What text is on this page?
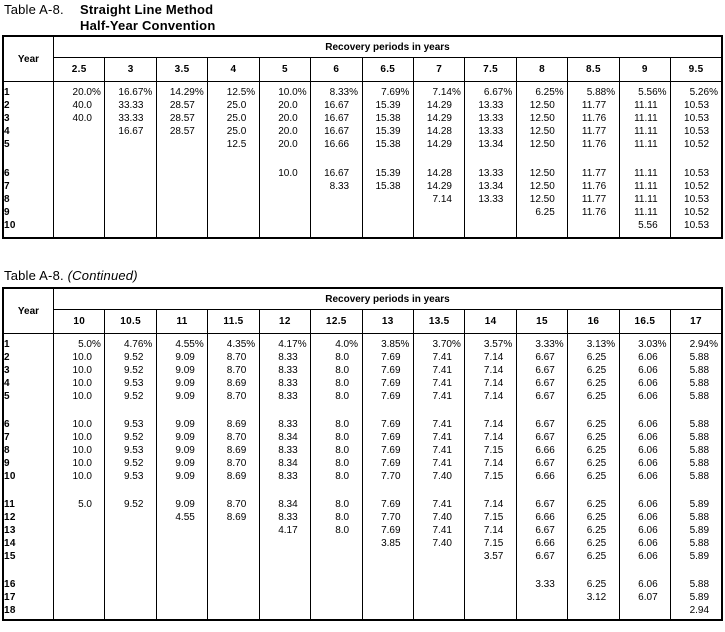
Table A-8. Straight Line Method
Half-Year Convention
Year	Recovery periods in years												
	2.5	3	3.5	4	5	6	6.5	7	7.5	8	8.5	9	9.5

1	20.0%	16.67%	14.29%	12.5%	10.0%	8.33%	7.69%	7.14%	6.67%	6.25%	5.88%	5.56%	5.26%
2	40.0	33.33	28.57	25.0	20.0	16.67	15.39	14.29	13.33	12.50	11.77	11.11	10.53
3	40.0	33.33	28.57	25.0	20.0	16.67	15.38	14.29	13.33	12.50	11.76	11.11	10.53
4		16.67	28.57	25.0	20.0	16.67	15.39	14.28	13.33	12.50	11.77	11.11	10.53
5				12.5	20.0	16.66	15.38	14.29	13.34	12.50	11.76	11.11	10.52

6					10.0	16.67	15.39	14.28	13.33	12.50	11.77	11.11	10.53
7						8.33	15.38	14.29	13.34	12.50	11.76	11.11	10.52
8								7.14	13.33	12.50	11.77	11.11	10.53
9										6.25	11.76	11.11	10.52
10												5.56	10.53

Table A-8. (Continued)
Year	Recovery periods in years												
	10	10.5	11	11.5	12	12.5	13	13.5	14	15	16	16.5	17

1	5.0%	4.76%	4.55%	4.35%	4.17%	4.0%	3.85%	3.70%	3.57%	3.33%	3.13%	3.03%	2.94%
2	10.0	9.52	9.09	8.70	8.33	8.0	7.69	7.41	7.14	6.67	6.25	6.06	5.88
3	10.0	9.52	9.09	8.70	8.33	8.0	7.69	7.41	7.14	6.67	6.25	6.06	5.88
4	10.0	9.53	9.09	8.69	8.33	8.0	7.69	7.41	7.14	6.67	6.25	6.06	5.88
5	10.0	9.52	9.09	8.70	8.33	8.0	7.69	7.41	7.14	6.67	6.25	6.06	5.88

6	10.0	9.53	9.09	8.69	8.33	8.0	7.69	7.41	7.14	6.67	6.25	6.06	5.88
7	10.0	9.52	9.09	8.70	8.34	8.0	7.69	7.41	7.14	6.67	6.25	6.06	5.88
8	10.0	9.53	9.09	8.69	8.33	8.0	7.69	7.41	7.15	6.66	6.25	6.06	5.88
9	10.0	9.52	9.09	8.70	8.34	8.0	7.69	7.41	7.14	6.67	6.25	6.06	5.88
10	10.0	9.53	9.09	8.69	8.33	8.0	7.70	7.40	7.15	6.66	6.25	6.06	5.88

11	5.0	9.52	9.09	8.70	8.34	8.0	7.69	7.41	7.14	6.67	6.25	6.06	5.89
12			4.55	8.69	8.33	8.0	7.70	7.40	7.15	6.66	6.25	6.06	5.88
13					4.17	8.0	7.69	7.41	7.14	6.67	6.25	6.06	5.89
14							3.85	7.40	7.15	6.66	6.25	6.06	5.88
15									3.57	6.67	6.25	6.06	5.89

16										3.33	6.25	6.06	5.88
17											3.12	6.07	5.89
18													2.94
